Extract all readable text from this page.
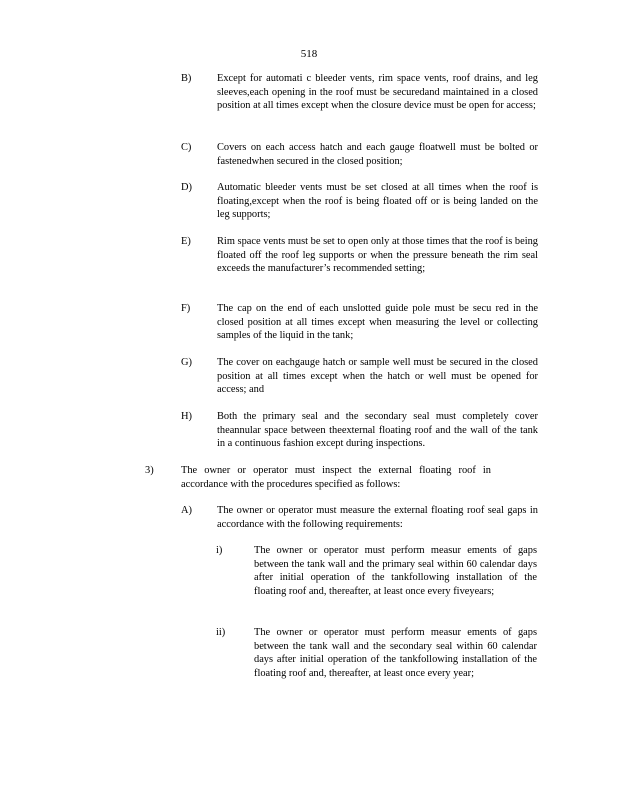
518
B) Except for automati c bleeder vents, rim space vents, roof drains, and leg sleeves,each opening in the roof must be securedand maintained in a closed position at all times except when the closure device must be open for access;
C) Covers on each access hatch and each gauge floatwell must be bolted or fastenedwhen secured in the closed position;
D) Automatic bleeder vents must be set closed at all times when the roof is floating,except when the roof is being floated off or is being landed on the leg supports;
E)	Rim space vents must be set to open only at those times that the roof is being floated off the roof leg supports or when the pressure beneath the rim seal exceeds the manufacturer’s recommended setting;
F)	The cap on the end of each unslotted guide pole must be secu red in the closed position at all times except when measuring the level or collecting samples of the liquid in the tank;
G) The cover on eachgauge hatch or sample well must be secured in the closed position at all times except when the hatch or well must be opened for access; and
H) Both the primary seal and the secondary seal must completely cover theannular space between theexternal floating roof and the wall of the tank in a continuous fashion except during inspections.
3)	The owner or operator must inspect the external floating roof in accordance with the procedures specified as follows:
A) The owner or operator must measure the external floating roof seal gaps in accordance with the following requirements:
i)	The owner or operator must perform measur ements of gaps between the tank wall and the primary seal within 60 calendar days after initial operation of the tankfollowing installation of the floating roof and, thereafter, at least once every fiveyears;
ii)	The owner or operator must perform measur ements of gaps between the tank wall and the secondary seal within 60 calendar days after initial operation of the tankfollowing installation of the floating roof and, thereafter, at least once every year;
